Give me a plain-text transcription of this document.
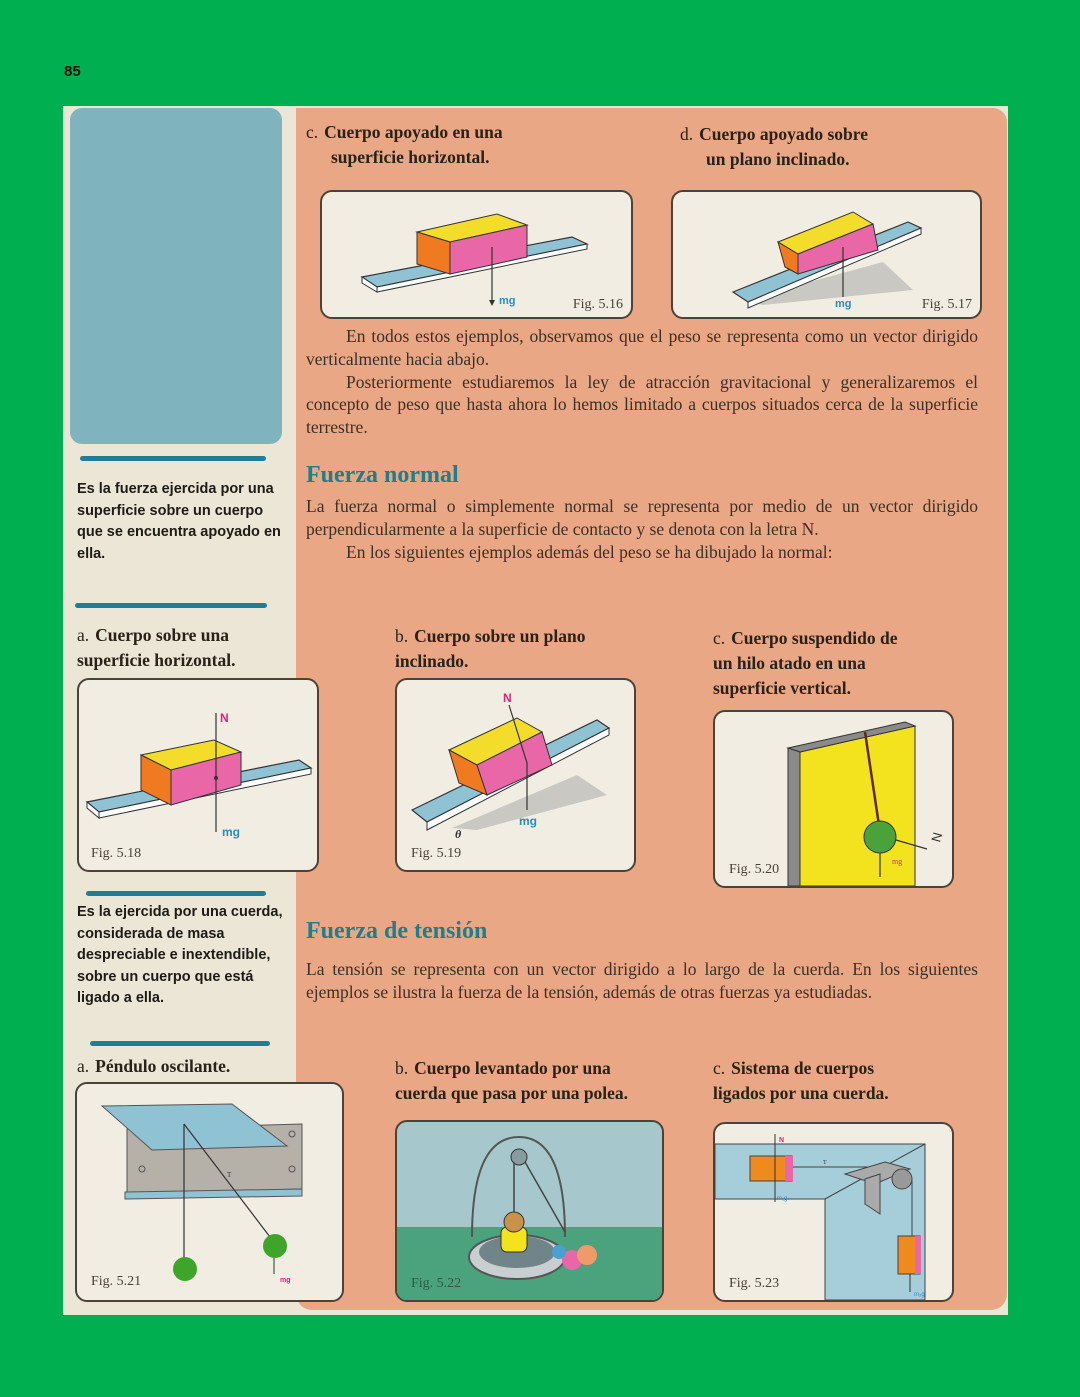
85
c. Cuerpo apoyado en una
superficie horizontal.
d. Cuerpo apoyado sobre
un plano inclinado.
mg	Fig. 5.16	mg	Fig. 5.17

En todos estos ejemplos, observamos que el peso se representa como un vector dirigido verticalmente hacia abajo.

Posteriormente estudiaremos la ley de atracción gravitacional y generalizaremos el concepto de peso que hasta ahora lo hemos limitado a cuerpos situados cerca de la superficie terrestre.

Es la fuerza ejercida por una superficie sobre un cuerpo que se encuentra apoyado en ella.
Fuerza normal

La fuerza normal o simplemente normal se representa por medio de un vector dirigido perpendicularmente a la superficie de contacto y se denota con la letra N.

En los siguientes ejemplos además del peso se ha dibujado la normal:

a. Cuerpo sobre una
superficie horizontal.
b. Cuerpo sobre un plano
inclinado.
c. Cuerpo suspendido de
un hilo atado en una
superficie vertical.
N
mg
Fig. 5.18
N
mg
θ
Fig. 5.19
N
mg
Fig. 5.20
Es la ejercida por una cuerda, considerada de masa despreciable e inextendible, sobre un cuerpo que está ligado a ella.
Fuerza de tensión

La tensión se representa con un vector dirigido a lo largo de la cuerda. En los siguientes ejemplos se ilustra la fuerza de la tensión, además de otras fuerzas ya estudiadas.

a. Péndulo oscilante.	b. Cuerpo levantado por una
cuerda que pasa por una polea.
c. Sistema de cuerpos
ligados por una cuerda.
T
mg
Fig. 5.21	Fig. 5.22
N
T
m₁g
m₂g
Fig. 5.23
